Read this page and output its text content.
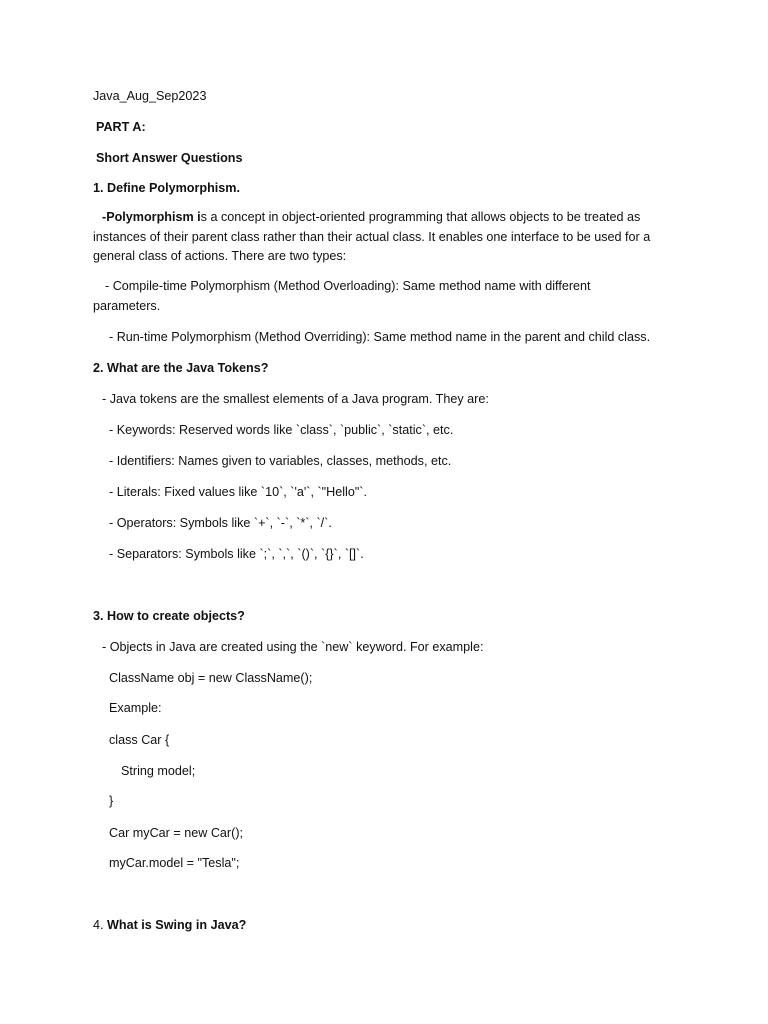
Java_Aug_Sep2023
PART A:
Short Answer Questions
1. Define Polymorphism.
-Polymorphism is a concept in object-oriented programming that allows objects to be treated as instances of their parent class rather than their actual class. It enables one interface to be used for a general class of actions. There are two types:
- Compile-time Polymorphism (Method Overloading): Same method name with different parameters.
- Run-time Polymorphism (Method Overriding): Same method name in the parent and child class.
2. What are the Java Tokens?
- Java tokens are the smallest elements of a Java program. They are:
- Keywords: Reserved words like `class`, `public`, `static`, etc.
- Identifiers: Names given to variables, classes, methods, etc.
- Literals: Fixed values like `10`, `'a'`, `"Hello"`.
- Operators: Symbols like `+`, `-`, `*`, `/`.
- Separators: Symbols like `;`, `,`, `()`, `{}`, `[]`.
3. How to create objects?
- Objects in Java are created using the `new` keyword. For example:
ClassName obj = new ClassName();
Example:
class Car {
String model;
}
Car myCar = new Car();
myCar.model = "Tesla";
4. What is Swing in Java?
